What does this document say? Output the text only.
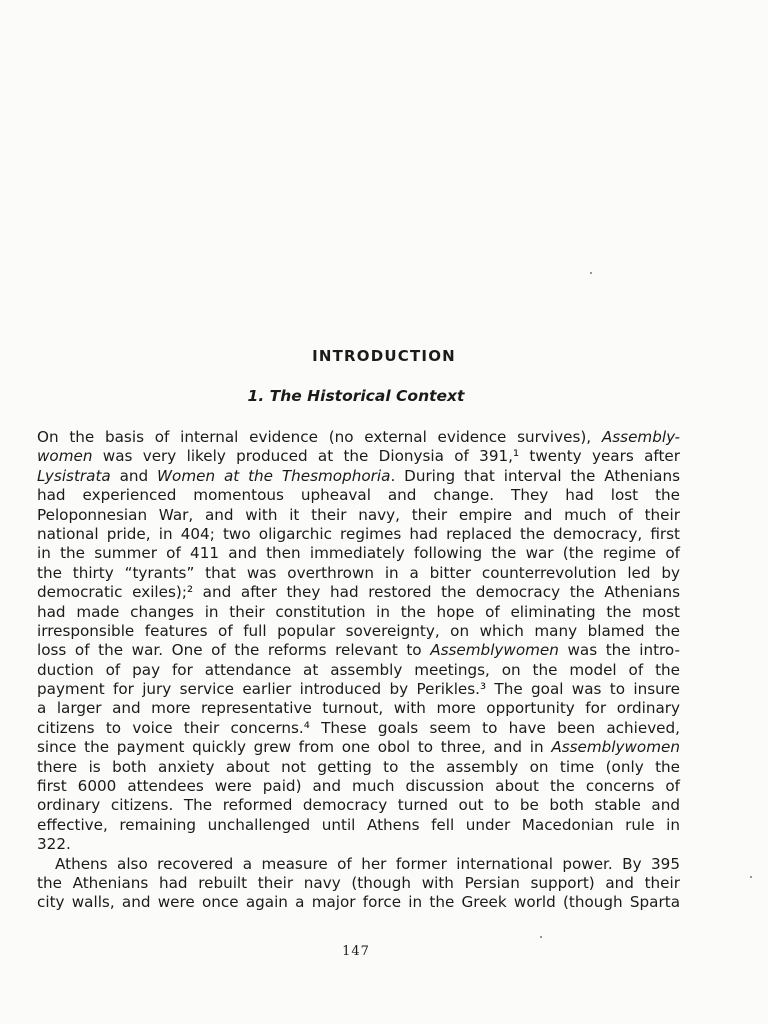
INTRODUCTION
1. The Historical Context
On the basis of internal evidence (no external evidence survives), Assembly-
women was very likely produced at the Dionysia of 391,¹ twenty years after
Lysistrata and Women at the Thesmophoria. During that interval the Athenians
had experienced momentous upheaval and change. They had lost the
Peloponnesian War, and with it their navy, their empire and much of their
national pride, in 404; two oligarchic regimes had replaced the democracy, first
in the summer of 411 and then immediately following the war (the regime of
the thirty “tyrants” that was overthrown in a bitter counterrevolution led by
democratic exiles);² and after they had restored the democracy the Athenians
had made changes in their constitution in the hope of eliminating the most
irresponsible features of full popular sovereignty, on which many blamed the
loss of the war. One of the reforms relevant to Assemblywomen was the intro-
duction of pay for attendance at assembly meetings, on the model of the
payment for jury service earlier introduced by Perikles.³ The goal was to insure
a larger and more representative turnout, with more opportunity for ordinary
citizens to voice their concerns.⁴ These goals seem to have been achieved,
since the payment quickly grew from one obol to three, and in Assemblywomen
there is both anxiety about not getting to the assembly on time (only the
first 6000 attendees were paid) and much discussion about the concerns of
ordinary citizens. The reformed democracy turned out to be both stable and
effective, remaining unchallenged until Athens fell under Macedonian rule in
322.
Athens also recovered a measure of her former international power. By 395
the Athenians had rebuilt their navy (though with Persian support) and their
city walls, and were once again a major force in the Greek world (though Sparta
147
